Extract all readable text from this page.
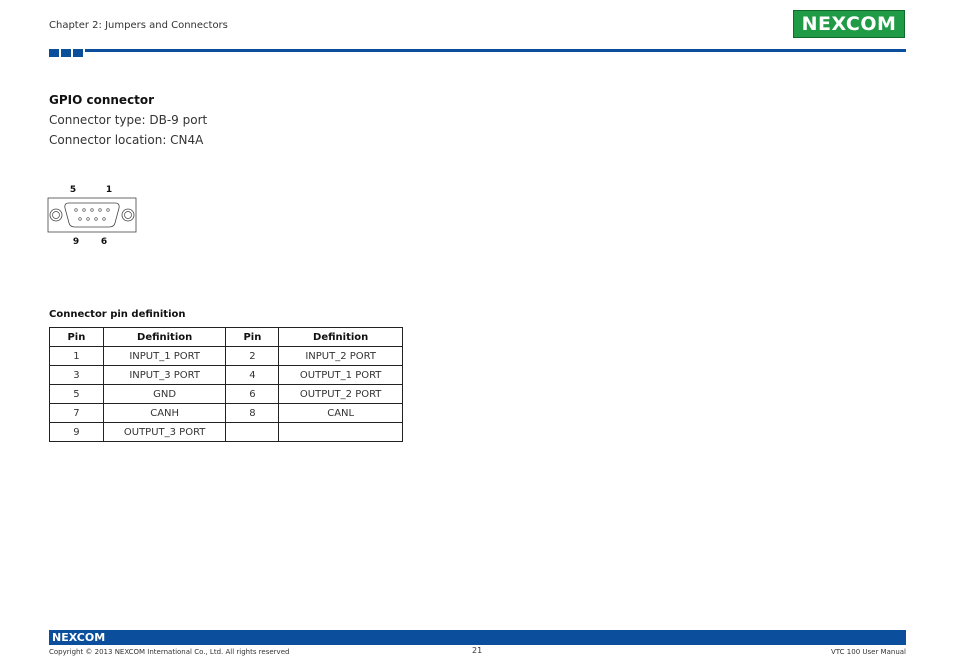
Chapter 2: Jumpers and Connectors	NEXCOM
GPIO connector
Connector type: DB-9 port
Connector location: CN4A
5	1
9 6
Connector pin definition
Pin	Definition	Pin	Definition
1	INPUT_1 PORT	2	INPUT_2 PORT
3	INPUT_3 PORT	4	OUTPUT_1 PORT
5	GND	6	OUTPUT_2 PORT
7	CANH	8	CANL
9	OUTPUT_3 PORT		
NEXCOM
Copyright © 2013 NEXCOM International Co., Ltd. All rights reserved	21	VTC 100 User Manual
